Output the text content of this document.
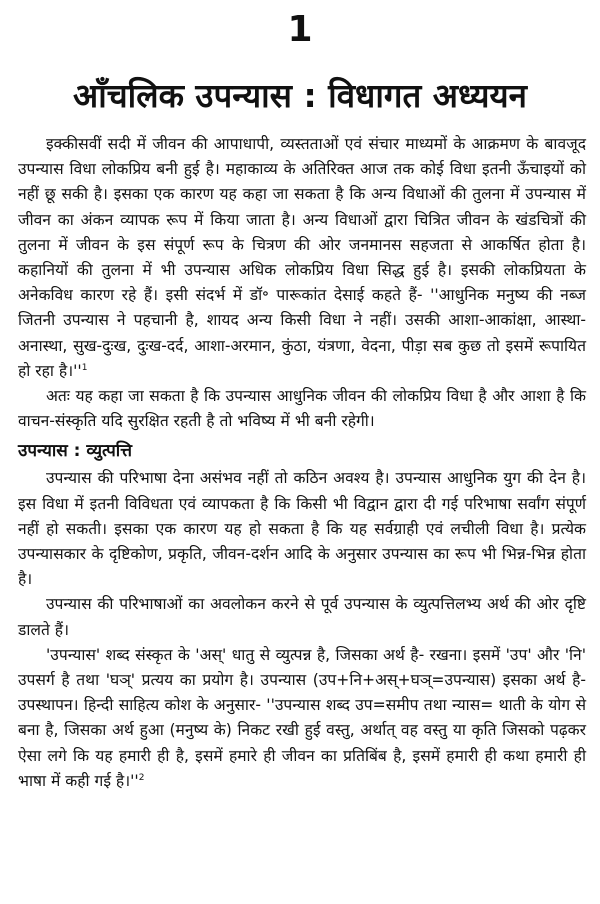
1
आँचलिक उपन्यास : विधागत अध्ययन

इक्कीसवीं सदी में जीवन की आपाधापी, व्यस्तताओं एवं संचार माध्यमों के आक्रमण के बावजूद उपन्यास विधा लोकप्रिय बनी हुई है। महाकाव्य के अतिरिक्त आज तक कोई विधा इतनी ऊँचाइयों को नहीं छू सकी है। इसका एक कारण यह कहा जा सकता है कि अन्य विधाओं की तुलना में उपन्यास में जीवन का अंकन व्यापक रूप में किया जाता है। अन्य विधाओं द्वारा चित्रित जीवन के खंडचित्रों की तुलना में जीवन के इस संपूर्ण रूप के चित्रण की ओर जनमानस सहजता से आकर्षित होता है। कहानियों की तुलना में भी उपन्यास अधिक लोकप्रिय विधा सिद्ध हुई है। इसकी लोकप्रियता के अनेकविध कारण रहे हैं। इसी संदर्भ में डॉ॰ पारूकांत देसाई कहते हैं- ''आधुनिक मनुष्य की नब्ज जितनी उपन्यास ने पहचानी है, शायद अन्य किसी विधा ने नहीं। उसकी आशा-आकांक्षा, आस्था-अनास्था, सुख-दुःख, दुःख-दर्द, आशा-अरमान, कुंठा, यंत्रणा, वेदना, पीड़ा सब कुछ तो इसमें रूपायित हो रहा $है।''^1$

अतः यह कहा जा सकता है कि उपन्यास आधुनिक जीवन की लोकप्रिय विधा है और आशा है कि वाचन-संस्कृति यदि सुरक्षित रहती है तो भविष्य में भी बनी रहेगी।

उपन्यास : व्युत्पत्ति

उपन्यास की परिभाषा देना असंभव नहीं तो कठिन अवश्य है। उपन्यास आधुनिक युग की देन है। इस विधा में इतनी विविधता एवं व्यापकता है कि किसी भी विद्वान द्वारा दी गई परिभाषा सर्वांग संपूर्ण नहीं हो सकती। इसका एक कारण यह हो सकता है कि यह सर्वग्राही एवं लचीली विधा है। प्रत्येक उपन्यासकार के दृष्टिकोण, प्रकृति, जीवन-दर्शन आदि के अनुसार उपन्यास का रूप भी भिन्न-भिन्न होता है।

उपन्यास की परिभाषाओं का अवलोकन करने से पूर्व उपन्यास के व्युत्पत्तिलभ्य अर्थ की ओर दृष्टि डालते हैं।

'उपन्यास' शब्द संस्कृत के 'अस्' धातु से व्युत्पन्न है, जिसका अर्थ है- रखना। इसमें 'उप' और 'नि' उपसर्ग है तथा 'घञ्' प्रत्यय का प्रयोग है। उपन्यास (उप+नि+अस्+घञ्=उपन्यास) इसका अर्थ है- उपस्थापन। हिन्दी साहित्य कोश के अनुसार- ''उपन्यास शब्द उप=समीप तथा न्यास= थाती के योग से बना है, जिसका अर्थ हुआ (मनुष्य के) निकट रखी हुई वस्तु, अर्थात् वह वस्तु या कृति जिसको पढ़कर ऐसा लगे कि यह हमारी ही है, इसमें हमारे ही जीवन का प्रतिबिंब है, इसमें हमारी ही कथा हमारी ही भाषा में कही गई $है।''^2$
